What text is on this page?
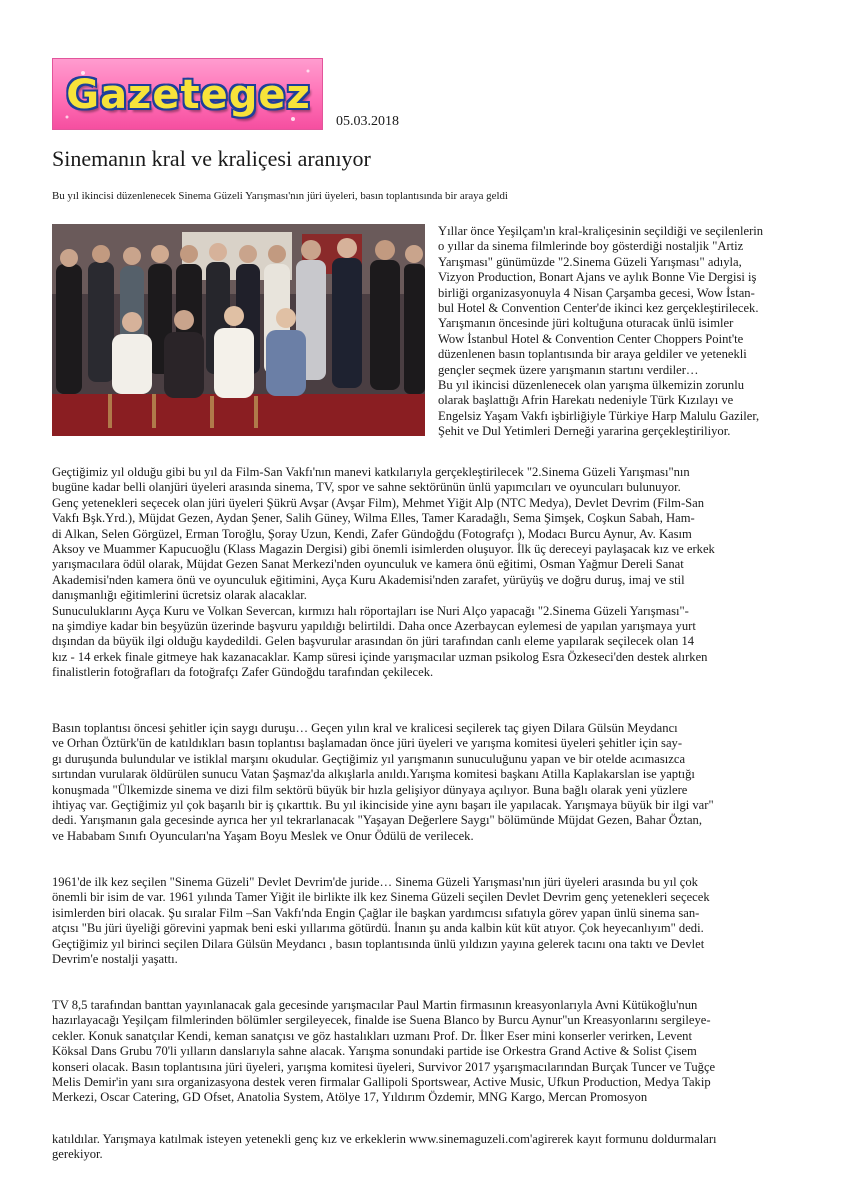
Gazetegez
05.03.2018
Sinemanın kral ve kraliçesi aranıyor

Bu yıl ikincisi düzenlenecek Sinema Güzeli Yarışması'nın jüri üyeleri, basın toplantısında bir araya geldi

Yıllar önce Yeşilçam'ın kral-kraliçesinin seçildiği ve seçilenlerin

o yıllar da sinema filmlerinde boy gösterdiği nostaljik "Artiz

Yarışması" günümüzde "2.Sinema Güzeli Yarışması" adıyla,

Vizyon Production, Bonart Ajans ve aylık Bonne Vie Dergisi iş

birliği organizasyonuyla 4 Nisan Çarşamba gecesi, Wow İstan-

bul Hotel & Convention Center'de ikinci kez gerçekleştirilecek.

Yarışmanın öncesinde jüri koltuğuna oturacak ünlü isimler

Wow İstanbul Hotel & Convention Center Choppers Point'te

düzenlenen basın toplantısında bir araya geldiler ve yetenekli

gençler seçmek üzere yarışmanın startını verdiler…

Bu yıl ikincisi düzenlenecek olan yarışma ülkemizin zorunlu

olarak başlattığı Afrin Harekatı nedeniyle Türk Kızılayı ve

Engelsiz Yaşam Vakfı işbirliğiyle Türkiye Harp Malulu Gaziler,

Şehit ve Dul Yetimleri Derneği yararina gerçekleştiriliyor.

Geçtiğimiz yıl olduğu gibi bu yıl da Film-San Vakfı'nın manevi katkılarıyla gerçekleştirilecek "2.Sinema Güzeli Yarışması"nın

bugüne kadar belli olanjüri üyeleri arasında sinema, TV, spor ve sahne sektörünün ünlü yapımcıları ve oyuncuları bulunuyor.

Genç yetenekleri seçecek olan jüri üyeleri Şükrü Avşar (Avşar Film), Mehmet Yiğit Alp (NTC Medya), Devlet Devrim (Film-San

Vakfı Bşk.Yrd.), Müjdat Gezen, Aydan Şener, Salih Güney, Wilma Elles, Tamer Karadağlı, Sema Şimşek, Coşkun Sabah, Ham-

di Alkan, Selen Görgüzel, Erman Toroğlu, Şoray Uzun, Kendi, Zafer Gündoğdu (Fotografçı ), Modacı Burcu Aynur, Av. Kasım

Aksoy ve Muammer Kapucuoğlu (Klass Magazin Dergisi) gibi önemli isimlerden oluşuyor. İlk üç dereceyi paylaşacak kız ve erkek

yarışmacılara ödül olarak, Müjdat Gezen Sanat Merkezi'nden oyunculuk ve kamera önü eğitimi, Osman Yağmur Dereli Sanat

Akademisi'nden kamera önü ve oyunculuk eğitimini, Ayça Kuru Akademisi'nden zarafet, yürüyüş ve doğru duruş, imaj ve stil

danışmanlığı eğitimlerini ücretsiz olarak alacaklar.

Sunuculuklarını Ayça Kuru ve Volkan Severcan, kırmızı halı röportajları ise Nuri Alço yapacağı "2.Sinema Güzeli Yarışması"-

na şimdiye kadar bin beşyüzün üzerinde başvuru yapıldığı belirtildi. Daha once Azerbaycan eylemesi de yapılan yarışmaya yurt

dışından da büyük ilgi olduğu kaydedildi. Gelen başvurular arasından ön jüri tarafından canlı eleme yapılarak seçilecek olan 14

kız - 14 erkek finale gitmeye hak kazanacaklar. Kamp süresi içinde yarışmacılar uzman psikolog Esra Özkeseci'den destek alırken

finalistlerin fotoğrafları da fotoğrafçı Zafer Gündoğdu tarafından çekilecek.

Basın toplantısı öncesi şehitler için saygı duruşu… Geçen yılın kral ve kralicesi seçilerek taç giyen Dilara Gülsün Meydancı

ve Orhan Öztürk'ün de katıldıkları basın toplantısı başlamadan önce jüri üyeleri ve yarışma komitesi üyeleri şehitler için say-

gı duruşunda bulundular ve istiklal marşını okudular. Geçtiğimiz yıl yarışmanın sunuculuğunu yapan ve bir otelde acımasızca

sırtından vurularak öldürülen sunucu Vatan Şaşmaz'da alkışlarla anıldı.Yarışma komitesi başkanı Atilla Kaplakarslan ise yaptığı

konuşmada "Ülkemizde sinema ve dizi film sektörü büyük bir hızla gelişiyor dünyaya açılıyor. Buna bağlı olarak yeni yüzlere

ihtiyaç var. Geçtiğimiz yıl çok başarılı bir iş çıkarttık. Bu yıl ikinciside yine aynı başarı ile yapılacak. Yarışmaya büyük bir ilgi var"

dedi. Yarışmanın gala gecesinde ayrıca her yıl tekrarlanacak "Yaşayan Değerlere Saygı" bölümünde Müjdat Gezen, Bahar Öztan,

ve Hababam Sınıfı Oyuncuları'na Yaşam Boyu Meslek ve Onur Ödülü de verilecek.

1961'de ilk kez seçilen "Sinema Güzeli" Devlet Devrim'de juride… Sinema Güzeli Yarışması'nın jüri üyeleri arasında bu yıl çok

önemli bir isim de var. 1961 yılında Tamer Yiğit ile birlikte ilk kez Sinema Güzeli seçilen Devlet Devrim genç yetenekleri seçecek

isimlerden biri olacak. Şu sıralar Film –San Vakfı'nda Engin Çağlar ile başkan yardımcısı sıfatıyla görev yapan ünlü sinema san-

atçısı "Bu jüri üyeliği görevini yapmak beni eski yıllarıma götürdü. İnanın şu anda kalbin küt küt atıyor. Çok heyecanlıyım" dedi.

Geçtiğimiz yıl birinci seçilen Dilara Gülsün Meydancı , basın toplantısında ünlü yıldızın yayına gelerek tacını ona taktı ve Devlet

Devrim'e nostalji yaşattı.

TV 8,5 tarafından banttan yayınlanacak gala gecesinde yarışmacılar Paul Martin firmasının kreasyonlarıyla Avni Kütükoğlu'nun

hazırlayacağı Yeşilçam filmlerinden bölümler sergileyecek, finalde ise Suena Blanco by Burcu Aynur"un Kreasyonlarını sergileye-

cekler. Konuk sanatçılar Kendi, keman sanatçısı ve göz hastalıkları uzmanı Prof. Dr. İlker Eser mini konserler verirken, Levent

Köksal Dans Grubu 70'li yılların danslarıyla sahne alacak. Yarışma sonundaki partide ise Orkestra Grand Active & Solist Çisem

konseri olacak. Basın toplantısına jüri üyeleri, yarışma komitesi üyeleri, Survivor 2017 yşarışmacılarından Burçak Tuncer ve Tuğçe

Melis Demir'in yanı sıra organizasyona destek veren firmalar Gallipoli Sportswear, Active Music, Ufkun Production, Medya Takip

Merkezi, Oscar Catering, GD Ofset, Anatolia System, Atölye 17, Yıldırım Özdemir, MNG Kargo, Mercan Promosyon

katıldılar. Yarışmaya katılmak isteyen yetenekli genç kız ve erkeklerin www.sinemaguzeli.com'agirerek kayıt formunu doldurmaları

gerekiyor.
